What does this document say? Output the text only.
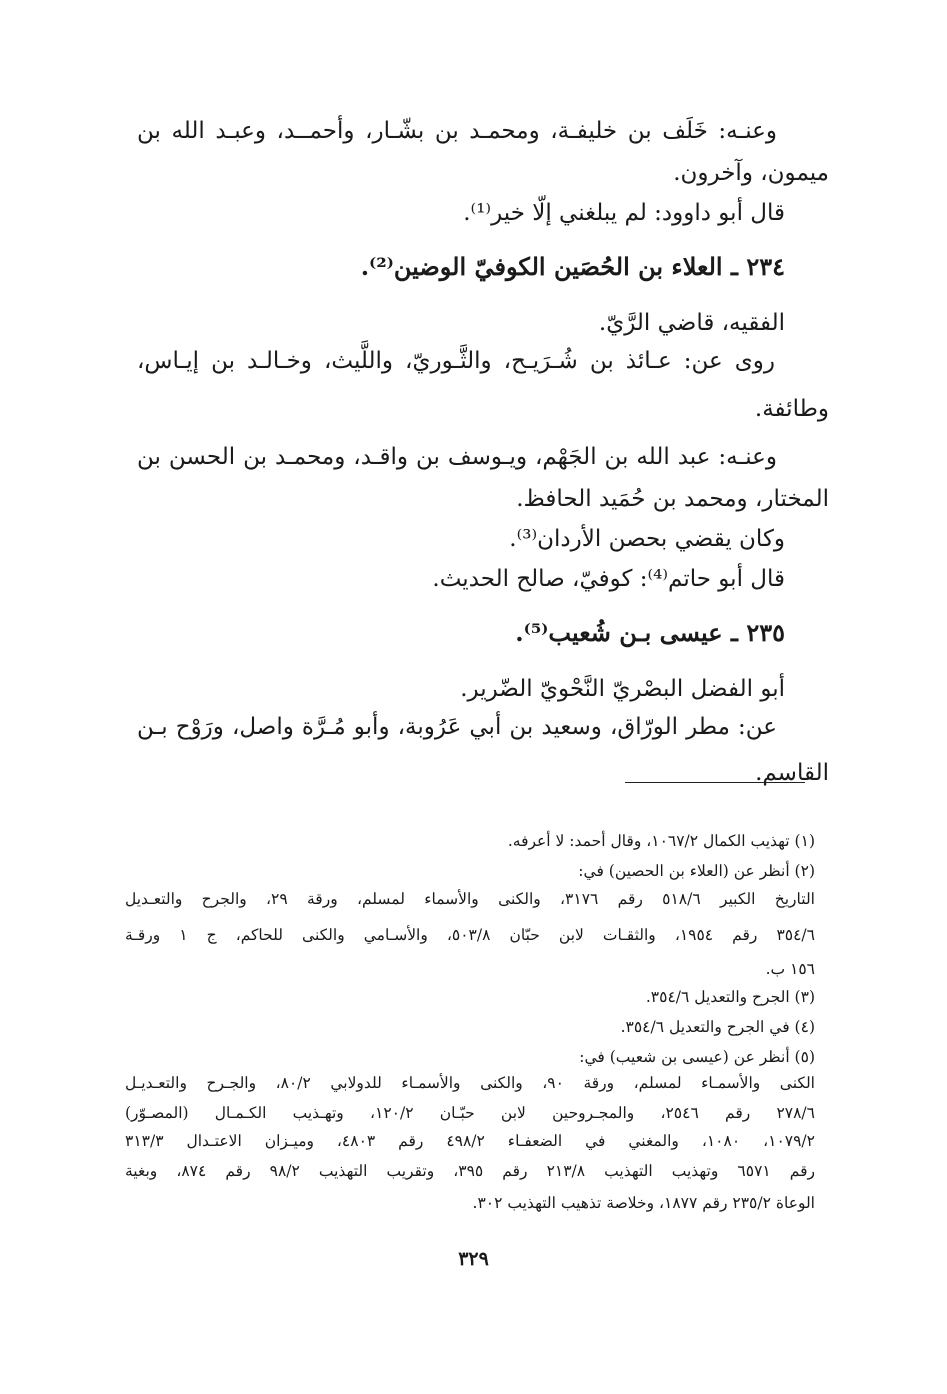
وعنـه: خَلَف بن خليفـة، ومحمـد بن بشّـار، وأحمــد، وعبـد الله بن
ميمون، وآخرون.
قال أبو داوود: لم يبلغني إلّا خير⁽¹⁾.
٢٣٤ ـ العلاء بن الحُصَين الكوفيّ الوضين⁽²⁾.
الفقيه، قاضي الرَّيّ.
روى عن: عـائذ بن شُـرَيـح، والثَّـوريّ، واللَّيث، وخـالـد بن إيـاس،
وطائفة.
وعنـه: عبد الله بن الجَهْم، ويـوسف بن واقـد، ومحمـد بن الحسن بن
المختار، ومحمد بن حُمَيد الحافظ.
وكان يقضي بحصن الأردان⁽³⁾.
قال أبو حاتم⁽⁴⁾: كوفيّ، صالح الحديث.
٢٣٥ ـ عيسى بـن شُعيب⁽⁵⁾.
أبو الفضل البصْريّ النَّحْويّ الضّرير.
عن: مطر الورّاق، وسعيد بن أبي عَرُوبة، وأبو مُـرَّة واصل، ورَوْح بـن
القاسم.
(١) تهذيب الكمال ١٠٦٧/٢، وقال أحمد: لا أعرفه.
(٢) أنظر عن (العلاء بن الحصين) في:
التاريخ الكبير ٥١٨/٦ رقم ٣١٧٦، والكنى والأسماء لمسلم، ورقة ٢٩، والجرح والتعـديل
٣٥٤/٦ رقم ١٩٥٤، والثقـات لابن حبّان ٥٠٣/٨، والأسـامي والكنى للحاكم، ج ١ ورقـة
١٥٦ ب.
(٣) الجرح والتعديل ٣٥٤/٦.
(٤) في الجرح والتعديل ٣٥٤/٦.
(٥) أنظر عن (عيسى بن شعيب) في:
الكنى والأسمـاء لمسلم، ورقة ٩٠، والكنى والأسمـاء للدولابي ٨٠/٢، والجـرح والتعـديـل
٢٧٨/٦ رقم ٢٥٤٦، والمجـروحين لابن حبّـان ١٢٠/٢، وتهـذيب الكـمـال (المصـوّر)
١٠٧٩/٢، ١٠٨٠، والمغني في الضعفـاء ٤٩٨/٢ رقم ٤٨٠٣، وميـزان الاعتـدال ٣١٣/٣
رقم ٦٥٧١ وتهذيب التهذيب ٢١٣/٨ رقم ٣٩٥، وتقريب التهذيب ٩٨/٢ رقم ٨٧٤، وبغية
الوعاة ٢٣٥/٢ رقم ١٨٧٧، وخلاصة تذهيب التهذيب ٣٠٢.
٣٢٩
